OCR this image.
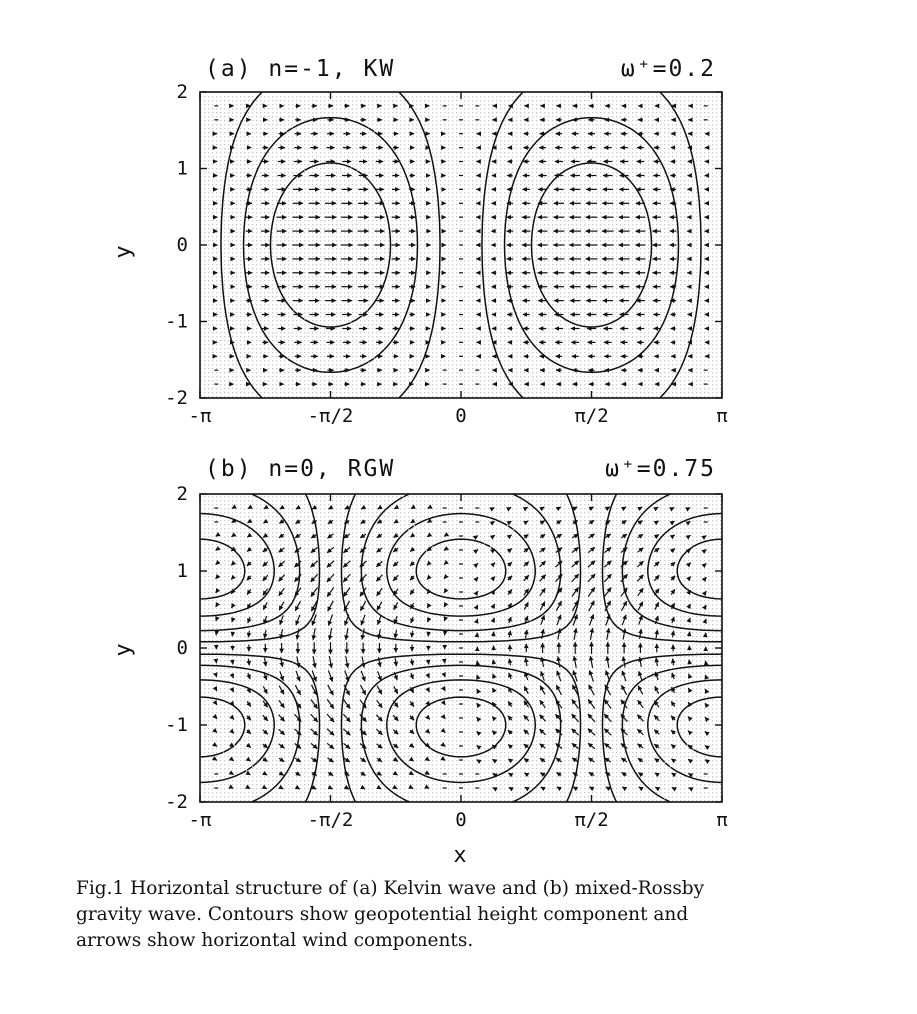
(a) n=-1, KW	ω⁺=0.2
y
-π	-π/2	0	π/2	π
2
1
0
-1
-2
(b) n=0, RGW	ω⁺=0.75
y
x
-π	-π/2	0	π/2	π
2
1
0
-1
-2

Fig.1 Horizontal structure of (a) Kelvin wave and (b) mixed-Rossby

gravity wave. Contours show geopotential height component and

arrows show horizontal wind components.
